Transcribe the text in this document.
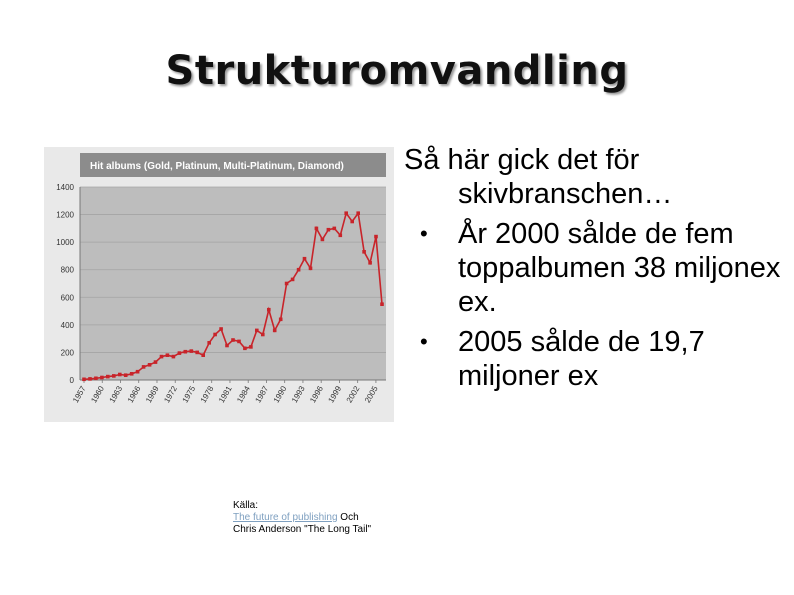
Strukturomvandling
Hit albums (Gold, Platinum, Multi-Platinum, Diamond)
0
200
400
600
800
1000
1200
1400
1957 1960 1963 1966 1969 1972 1975 1978 1981 1984 1987 1990 1993 1996 1999 2002 2005
Så här gick det för
skivbranschen…
• År 2000 sålde de fem toppalbumen 38 miljonex ex.
• 2005 sålde de 19,7 miljoner ex
Källa:
The future of publishing Och Chris Anderson "The Long Tail"
